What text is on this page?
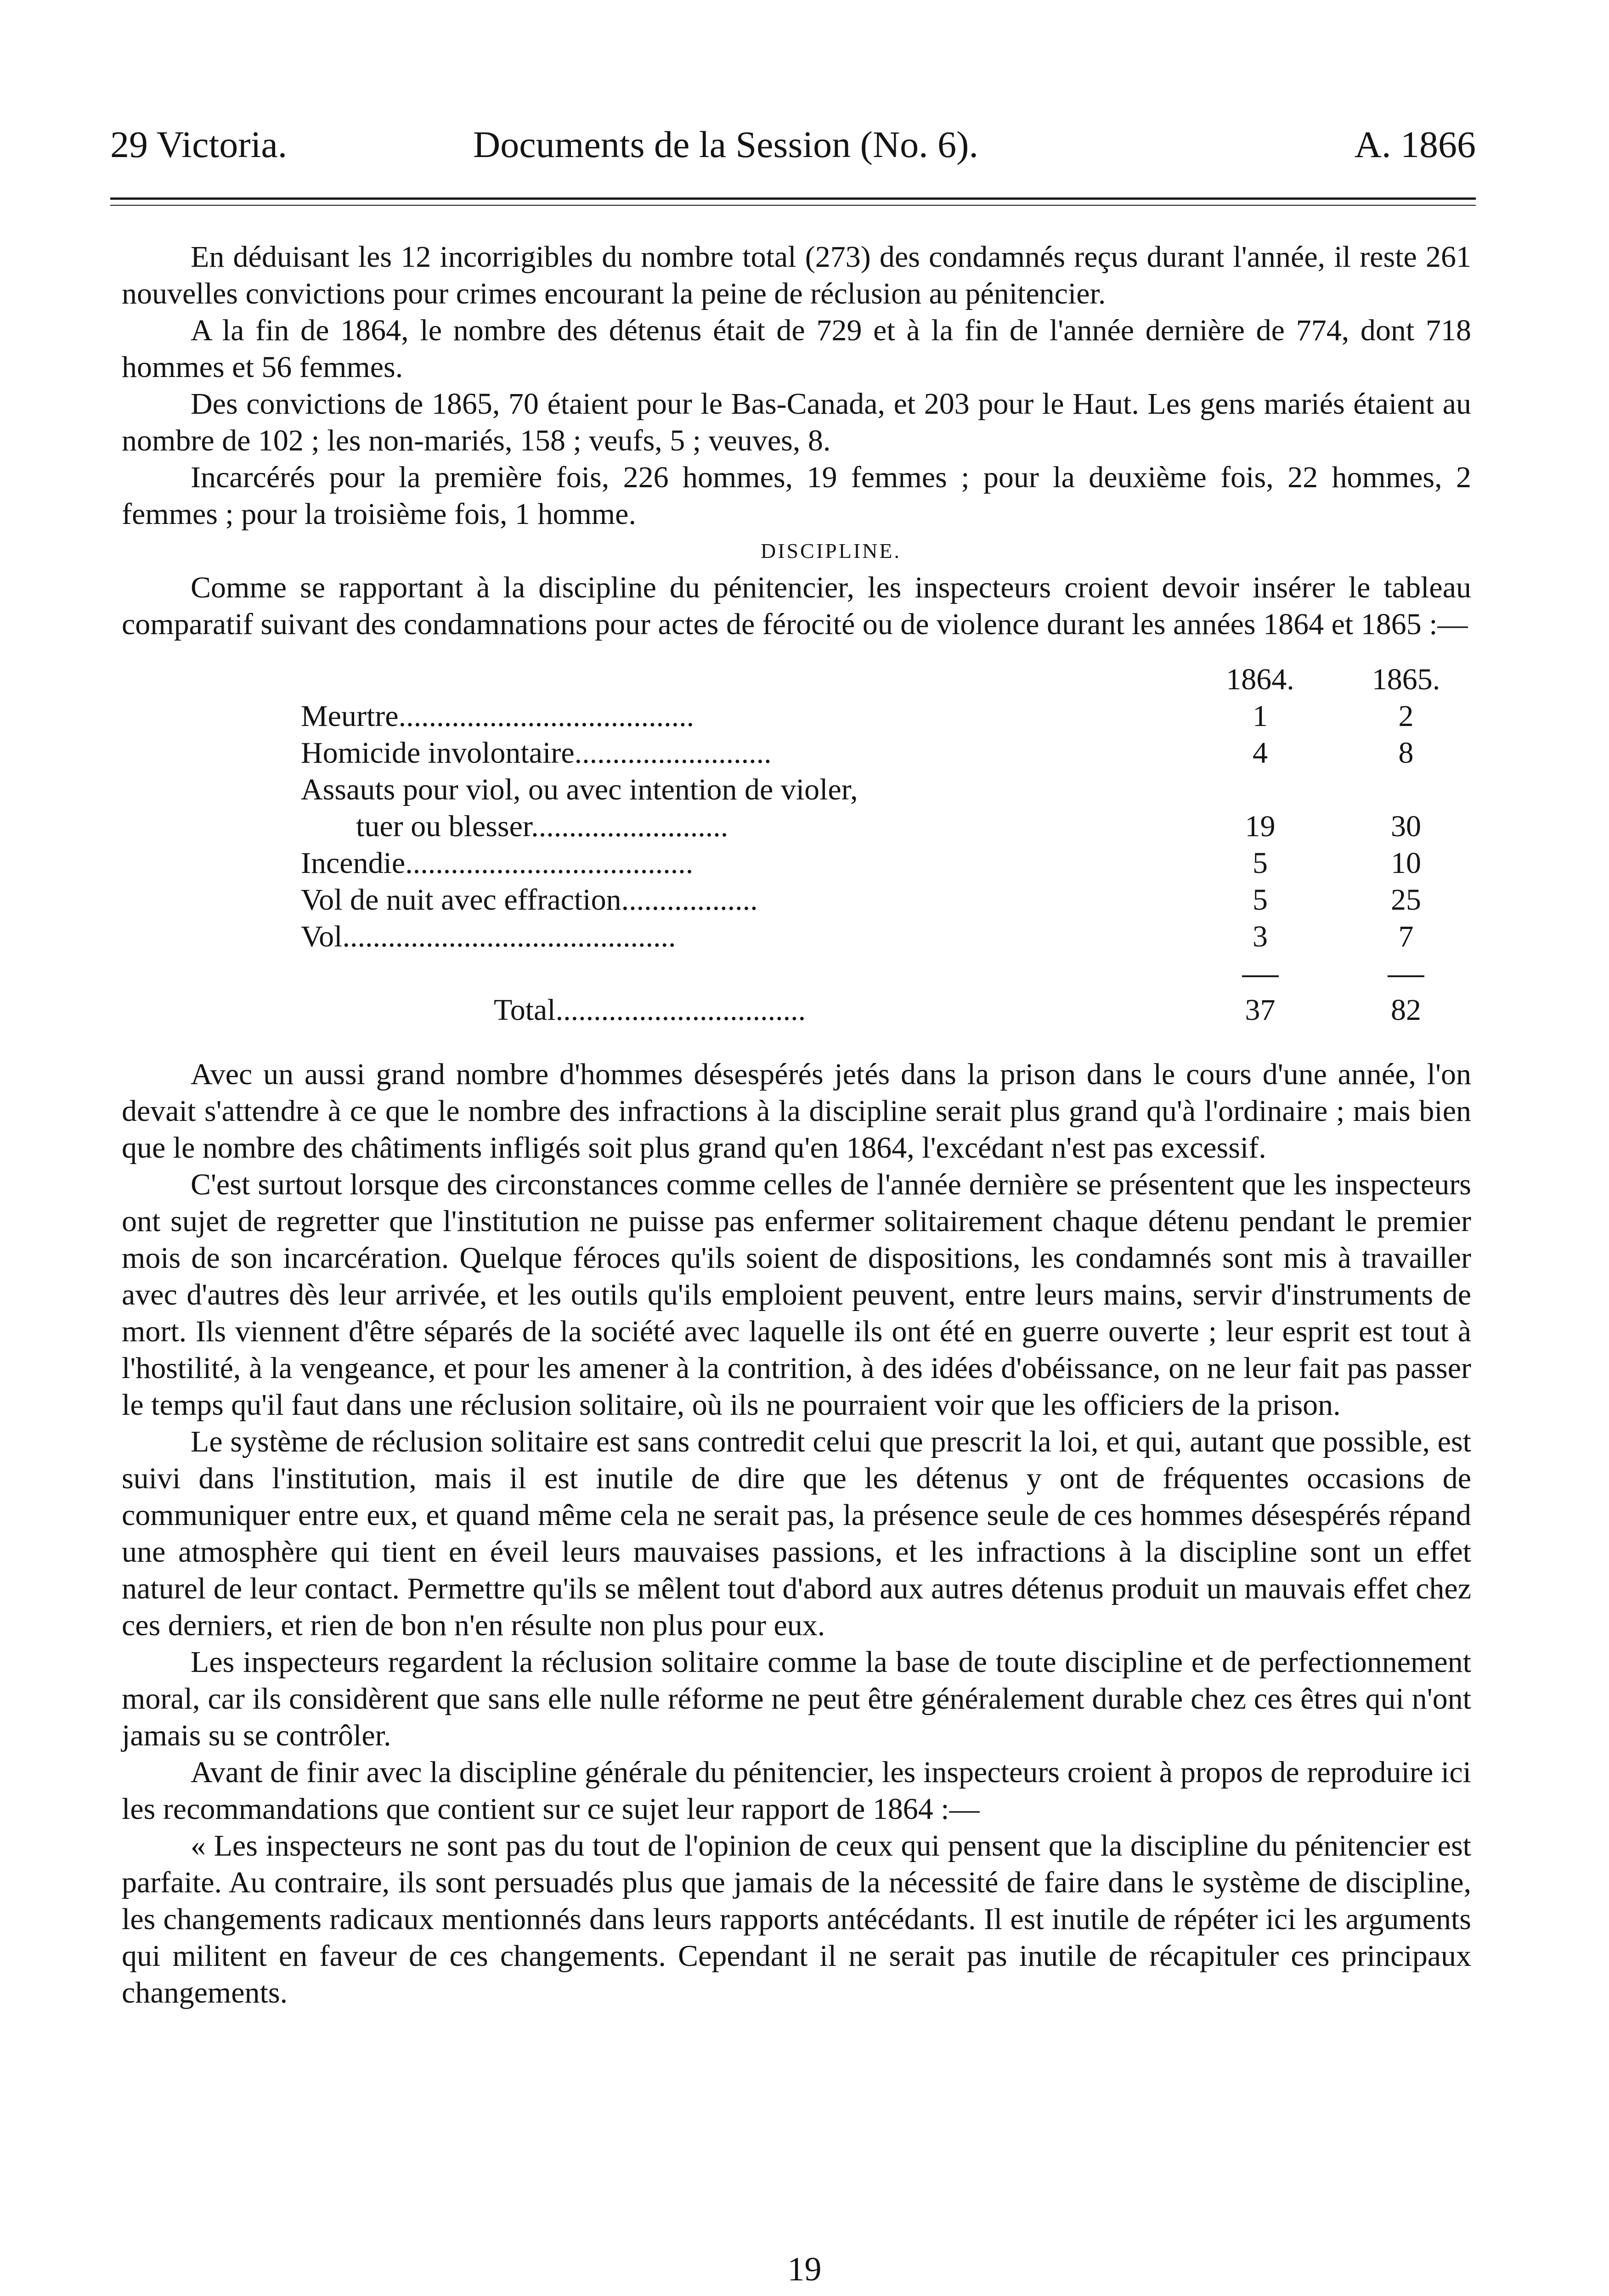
29 Victoria.	Documents de la Session (No. 6).	A. 1866

En déduisant les 12 incorrigibles du nombre total (273) des condamnés reçus durant l'année, il reste 261 nouvelles convictions pour crimes encourant la peine de réclusion au pénitencier.

A la fin de 1864, le nombre des détenus était de 729 et à la fin de l'année dernière de 774, dont 718 hommes et 56 femmes.

Des convictions de 1865, 70 étaient pour le Bas-Canada, et 203 pour le Haut. Les gens mariés étaient au nombre de 102 ; les non-mariés, 158 ; veufs, 5 ; veuves, 8.

Incarcérés pour la première fois, 226 hommes, 19 femmes ; pour la deuxième fois, 22 hommes, 2 femmes ; pour la troisième fois, 1 homme.

DISCIPLINE.

Comme se rapportant à la discipline du pénitencier, les inspecteurs croient devoir insérer le tableau comparatif suivant des condamnations pour actes de férocité ou de violence durant les années 1864 et 1865 :—

	1864.	1865.
Meurtre.......................................	1	2
Homicide involontaire..........................	4	8
Assauts pour viol, ou avec intention de violer,		
tuer ou blesser..........................	19	30
Incendie......................................	5	10
Vol de nuit avec effraction..................	5	25
Vol............................................	3	7

Total.................................	37	82

Avec un aussi grand nombre d'hommes désespérés jetés dans la prison dans le cours d'une année, l'on devait s'attendre à ce que le nombre des infractions à la discipline serait plus grand qu'à l'ordinaire ; mais bien que le nombre des châtiments infligés soit plus grand qu'en 1864, l'excédant n'est pas excessif.

C'est surtout lorsque des circonstances comme celles de l'année dernière se présentent que les inspecteurs ont sujet de regretter que l'institution ne puisse pas enfermer solitairement chaque détenu pendant le premier mois de son incarcération. Quelque féroces qu'ils soient de dispositions, les condamnés sont mis à travailler avec d'autres dès leur arrivée, et les outils qu'ils emploient peuvent, entre leurs mains, servir d'instruments de mort. Ils viennent d'être séparés de la société avec laquelle ils ont été en guerre ouverte ; leur esprit est tout à l'hostilité, à la vengeance, et pour les amener à la contrition, à des idées d'obéissance, on ne leur fait pas passer le temps qu'il faut dans une réclusion solitaire, où ils ne pourraient voir que les officiers de la prison.

Le système de réclusion solitaire est sans contredit celui que prescrit la loi, et qui, autant que possible, est suivi dans l'institution, mais il est inutile de dire que les détenus y ont de fréquentes occasions de communiquer entre eux, et quand même cela ne serait pas, la présence seule de ces hommes désespérés répand une atmosphère qui tient en éveil leurs mauvaises passions, et les infractions à la discipline sont un effet naturel de leur contact. Permettre qu'ils se mêlent tout d'abord aux autres détenus produit un mauvais effet chez ces derniers, et rien de bon n'en résulte non plus pour eux.

Les inspecteurs regardent la réclusion solitaire comme la base de toute discipline et de perfectionnement moral, car ils considèrent que sans elle nulle réforme ne peut être généralement durable chez ces êtres qui n'ont jamais su se contrôler.

Avant de finir avec la discipline générale du pénitencier, les inspecteurs croient à propos de reproduire ici les recommandations que contient sur ce sujet leur rapport de 1864 :—

« Les inspecteurs ne sont pas du tout de l'opinion de ceux qui pensent que la discipline du pénitencier est parfaite. Au contraire, ils sont persuadés plus que jamais de la nécessité de faire dans le système de discipline, les changements radicaux mentionnés dans leurs rapports antécédants. Il est inutile de répéter ici les arguments qui militent en faveur de ces changements. Cependant il ne serait pas inutile de récapituler ces principaux changements.

19
